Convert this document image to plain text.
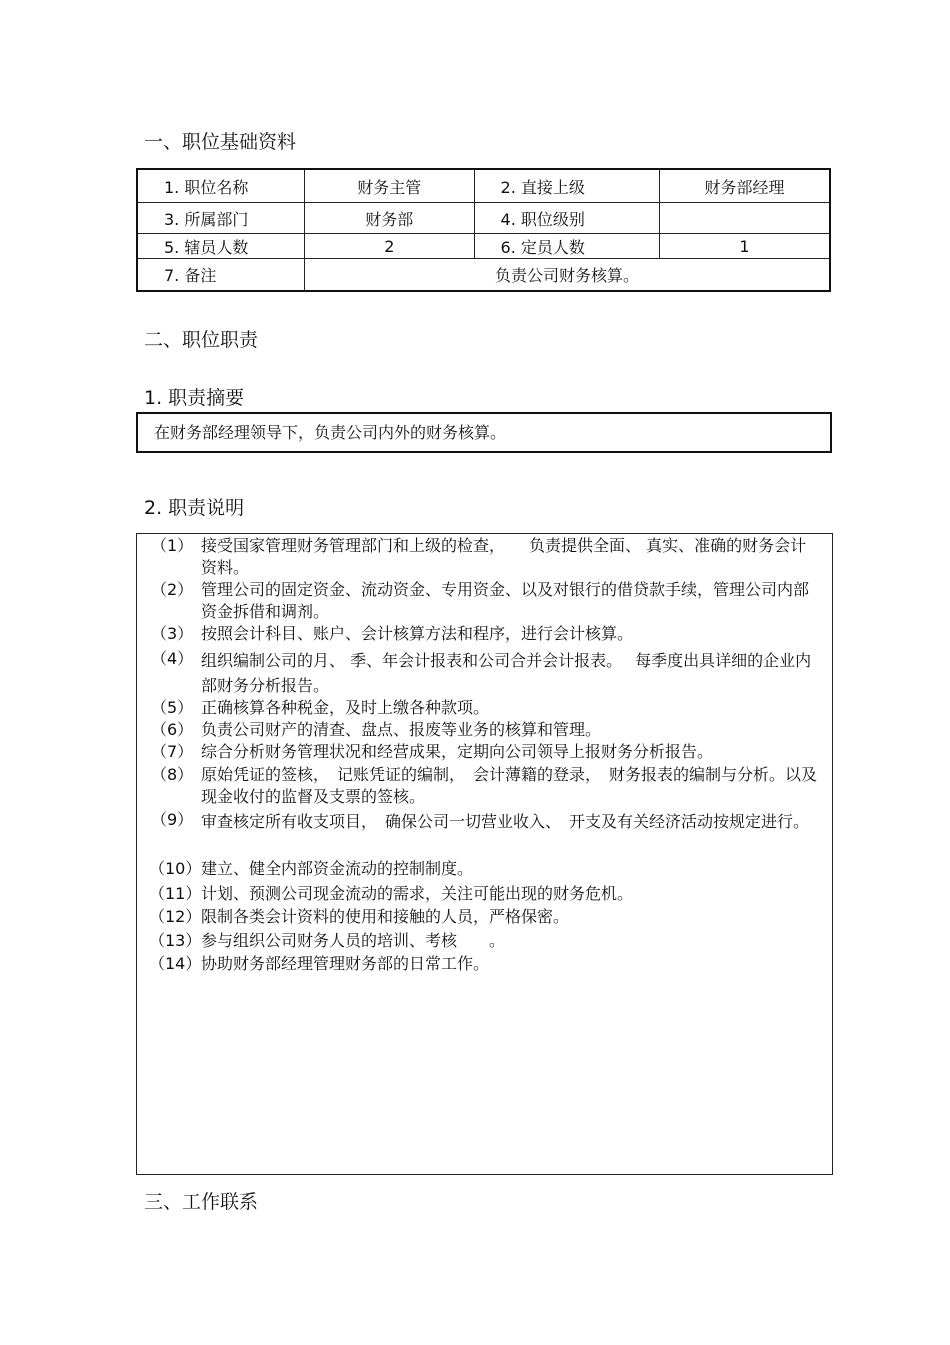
一、职位基础资料
1. 职位名称	财务主管	2. 直接上级	财务部经理
3. 所属部门	财务部	4. 职位级别	
5. 辖员人数	2	6. 定员人数	1
7. 备注	负责公司财务核算。		
二、职位职责
1. 职责摘要
在财务部经理领导下，负责公司内外的财务核算。
2. 职责说明
（1） 接受国家管理财务管理部门和上级的检查，　　负责提供全面、 真实、准确的财务会计资料。
（2） 管理公司的固定资金、流动资金、专用资金、以及对银行的借贷款手续，管理公司内部资金拆借和调剂。
（3） 按照会计科目、账户、会计核算方法和程序，进行会计核算。
（4） 组织编制公司的月、 季、年会计报表和公司合并会计报表。　 每季度出具详细的企业内部财务分析报告。
（5） 正确核算各种税金，及时上缴各种款项。
（6） 负责公司财产的清查、盘点、报废等业务的核算和管理。
（7） 综合分析财务管理状况和经营成果，定期向公司领导上报财务分析报告。
（8） 原始凭证的签核，　记账凭证的编制，　会计薄籍的登录，　财务报表的编制与分析。以及现金收付的监督及支票的签核。
（9） 审查核定所有收支项目，　确保公司一切营业收入、　开支及有关经济活动按规定进行。
（10） 建立、健全内部资金流动的控制制度。
（11） 计划、预测公司现金流动的需求，关注可能出现的财务危机。
（12） 限制各类会计资料的使用和接触的人员，严格保密。
（13） 参与组织公司财务人员的培训、考核　　。
（14） 协助财务部经理管理财务部的日常工作。
三、工作联系
